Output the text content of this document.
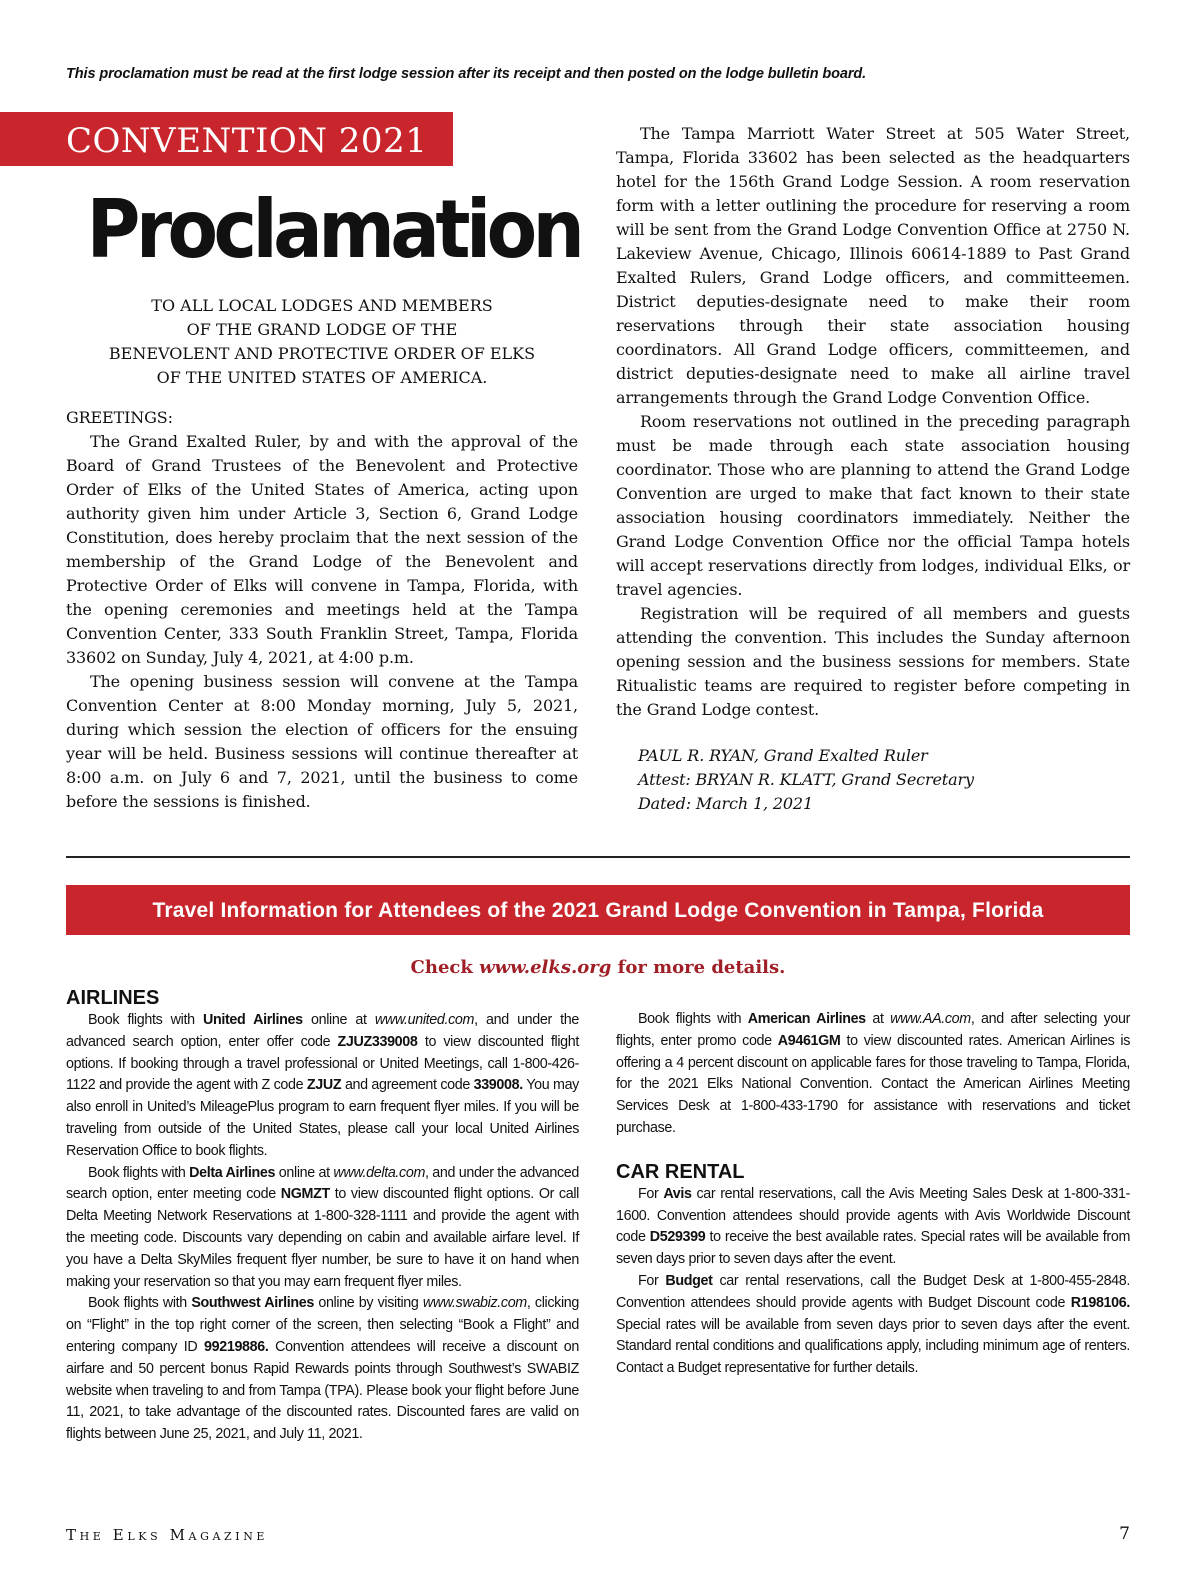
This proclamation must be read at the first lodge session after its receipt and then posted on the lodge bulletin board.
CONVENTION 2021
Proclamation
TO ALL LOCAL LODGES AND MEMBERS
OF THE GRAND LODGE OF THE
BENEVOLENT AND PROTECTIVE ORDER OF ELKS
OF THE UNITED STATES OF AMERICA.

GREETINGS:

The Grand Exalted Ruler, by and with the approval of the Board of Grand Trustees of the Benevolent and Protective Order of Elks of the United States of America, acting upon authority given him under Article 3, Section 6, Grand Lodge Constitution, does hereby proclaim that the next session of the membership of the Grand Lodge of the Benevolent and Protective Order of Elks will convene in Tampa, Florida, with the opening ceremonies and meetings held at the Tampa Convention Center, 333 South Franklin Street, Tampa, Florida 33602 on Sunday, July 4, 2021, at 4:00 p.m.

The opening business session will convene at the Tampa Convention Center at 8:00 Monday morning, July 5, 2021, during which session the election of officers for the ensuing year will be held. Business sessions will continue thereafter at 8:00 a.m. on July 6 and 7, 2021, until the business to come before the sessions is finished.

The Tampa Marriott Water Street at 505 Water Street, Tampa, Florida 33602 has been selected as the headquarters hotel for the 156th Grand Lodge Session. A room reservation form with a letter outlining the procedure for reserving a room will be sent from the Grand Lodge Convention Office at 2750 N. Lakeview Avenue, Chicago, Illinois 60614-1889 to Past Grand Exalted Rulers, Grand Lodge officers, and committeemen. District deputies-designate need to make their room reservations through their state association housing coordinators. All Grand Lodge officers, committeemen, and district deputies-designate need to make all airline travel arrangements through the Grand Lodge Convention Office.

Room reservations not outlined in the preceding paragraph must be made through each state association housing coordinator. Those who are planning to attend the Grand Lodge Convention are urged to make that fact known to their state association housing coordinators immediately. Neither the Grand Lodge Convention Office nor the official Tampa hotels will accept reservations directly from lodges, individual Elks, or travel agencies.

Registration will be required of all members and guests attending the convention. This includes the Sunday afternoon opening session and the business sessions for members. State Ritualistic teams are required to register before competing in the Grand Lodge contest.

PAUL R. RYAN, Grand Exalted Ruler
Attest: BRYAN R. KLATT, Grand Secretary
Dated: March 1, 2021
Travel Information for Attendees of the 2021 Grand Lodge Convention in Tampa, Florida
Check www.elks.org for more details.
AIRLINES

Book flights with United Airlines online at www.united.com, and under the advanced search option, enter offer code ZJUZ339008 to view discounted flight options. If booking through a travel professional or United Meetings, call 1-800-426-1122 and provide the agent with Z code ZJUZ and agreement code 339008. You may also enroll in United’s MileagePlus program to earn frequent flyer miles. If you will be traveling from outside of the United States, please call your local United Airlines Reservation Office to book flights.

Book flights with Delta Airlines online at www.delta.com, and under the advanced search option, enter meeting code NGMZT to view discounted flight options. Or call Delta Meeting Network Reservations at 1-800-328-1111 and provide the agent with the meeting code. Discounts vary depending on cabin and available airfare level. If you have a Delta SkyMiles frequent flyer number, be sure to have it on hand when making your reservation so that you may earn frequent flyer miles.

Book flights with Southwest Airlines online by visiting www.swabiz.com, clicking on “Flight” in the top right corner of the screen, then selecting “Book a Flight” and entering company ID 99219886. Convention attendees will receive a discount on airfare and 50 percent bonus Rapid Rewards points through Southwest’s SWABIZ website when traveling to and from Tampa (TPA). Please book your flight before June 11, 2021, to take advantage of the discounted rates. Discounted fares are valid on flights between June 25, 2021, and July 11, 2021.

Book flights with American Airlines at www.AA.com, and after selecting your flights, enter promo code A9461GM to view discounted rates. American Airlines is offering a 4 percent discount on applicable fares for those traveling to Tampa, Florida, for the 2021 Elks National Convention. Contact the American Airlines Meeting Services Desk at 1-800-433-1790 for assistance with reservations and ticket purchase.

CAR RENTAL

For Avis car rental reservations, call the Avis Meeting Sales Desk at 1-800-331-1600. Convention attendees should provide agents with Avis Worldwide Discount code D529399 to receive the best available rates. Special rates will be available from seven days prior to seven days after the event.

For Budget car rental reservations, call the Budget Desk at 1-800-455-2848. Convention attendees should provide agents with Budget Discount code R198106. Special rates will be available from seven days prior to seven days after the event. Standard rental conditions and qualifications apply, including minimum age of renters. Contact a Budget representative for further details.

The Elks Magazine	7
